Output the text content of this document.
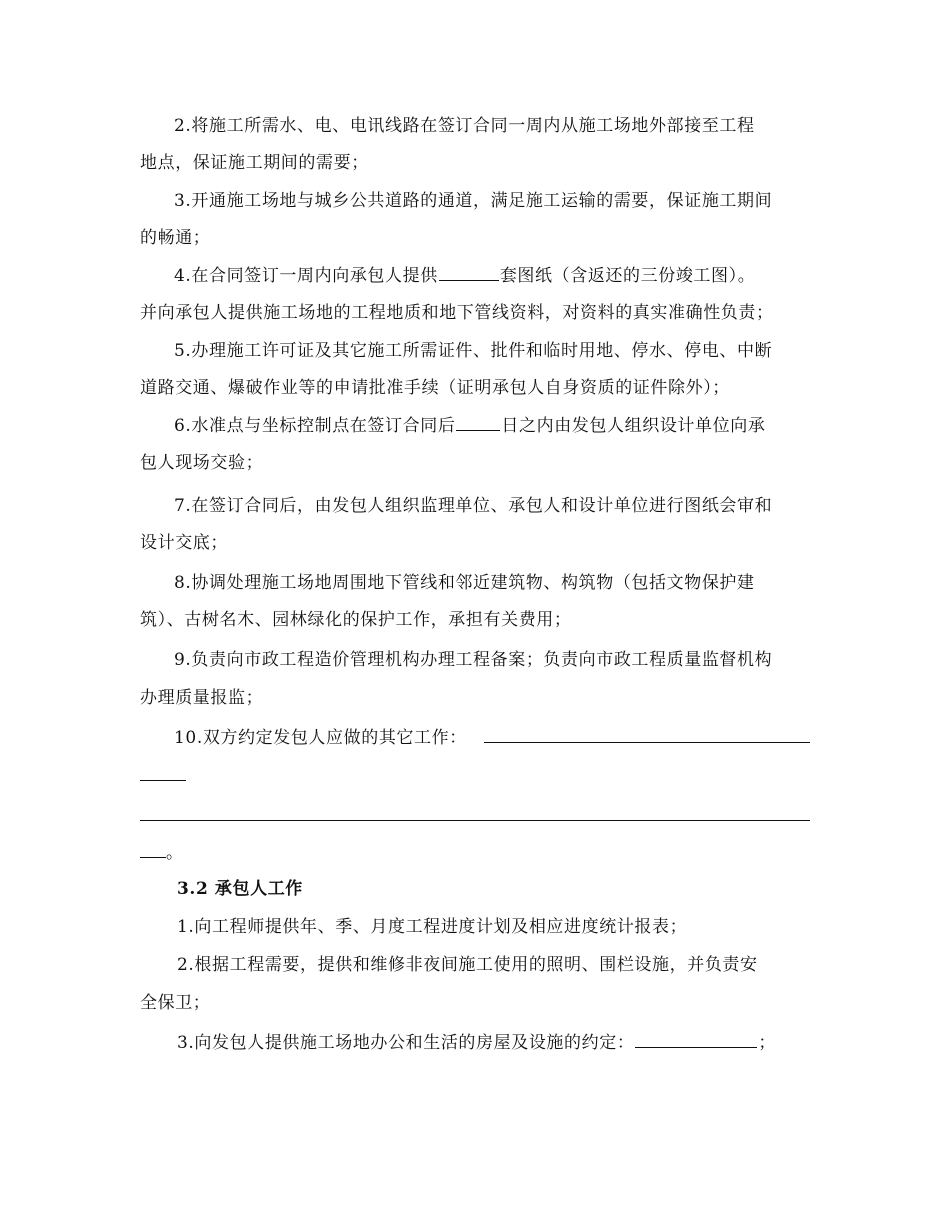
2.将施工所需水、电、电讯线路在签订合同一周内从施工场地外部接至工程
地点，保证施工期间的需要；
3.开通施工场地与城乡公共道路的通道，满足施工运输的需要，保证施工期间
的畅通；
4.在合同签订一周内向承包人提供	套图纸（含返还的三份竣工图）。
并向承包人提供施工场地的工程地质和地下管线资料，对资料的真实准确性负责；
5.办理施工许可证及其它施工所需证件、批件和临时用地、停水、停电、中断
道路交通、爆破作业等的申请批准手续（证明承包人自身资质的证件除外）；
6.水准点与坐标控制点在签订合同后	日之内由发包人组织设计单位向承
包人现场交验；
7.在签订合同后，由发包人组织监理单位、承包人和设计单位进行图纸会审和
设计交底；
8.协调处理施工场地周围地下管线和邻近建筑物、构筑物（包括文物保护建
筑）、古树名木、园林绿化的保护工作，承担有关费用；
9.负责向市政工程造价管理机构办理工程备案；负责向市政工程质量监督机构
办理质量报监；
10.双方约定发包人应做的其它工作：
。
3.2 承包人工作
1.向工程师提供年、季、月度工程进度计划及相应进度统计报表；
2.根据工程需要，提供和维修非夜间施工使用的照明、围栏设施，并负责安
全保卫；
3.向发包人提供施工场地办公和生活的房屋及设施的约定：	；
